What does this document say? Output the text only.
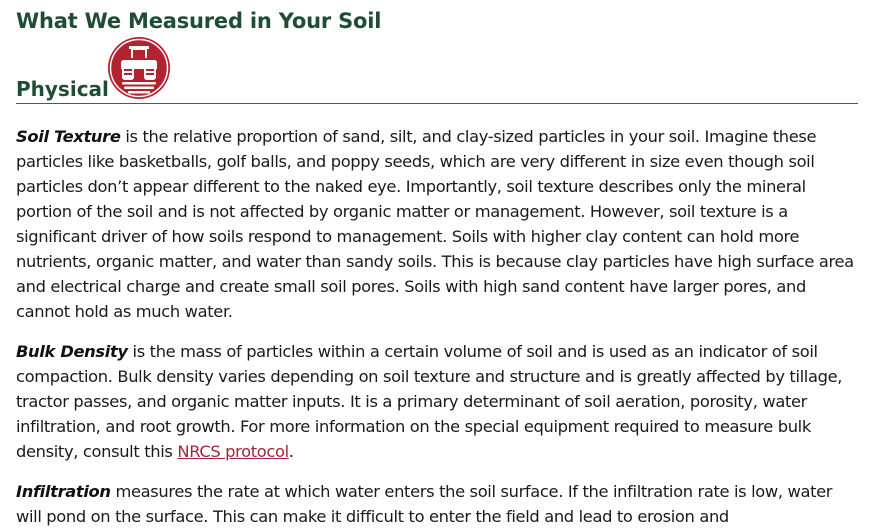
What We Measured in Your Soil
Physical

Soil Texture is the relative proportion of sand, silt, and clay-sized particles in your soil. Imagine these particles like basketballs, golf balls, and poppy seeds, which are very different in size even though soil particles don’t appear different to the naked eye. Importantly, soil texture describes only the mineral portion of the soil and is not affected by organic matter or management. However, soil texture is a significant driver of how soils respond to management. Soils with higher clay content can hold more nutrients, organic matter, and water than sandy soils. This is because clay particles have high surface area and electrical charge and create small soil pores. Soils with high sand content have larger pores, and cannot hold as much water.

Bulk Density is the mass of particles within a certain volume of soil and is used as an indicator of soil compaction. Bulk density varies depending on soil texture and structure and is greatly affected by tillage, tractor passes, and organic matter inputs. It is a primary determinant of soil aeration, porosity, water infiltration, and root growth. For more information on the special equipment required to measure bulk density, consult this NRCS protocol.

Infiltration measures the rate at which water enters the soil surface. If the infiltration rate is low, water will pond on the surface. This can make it difficult to enter the field and lead to erosion and
